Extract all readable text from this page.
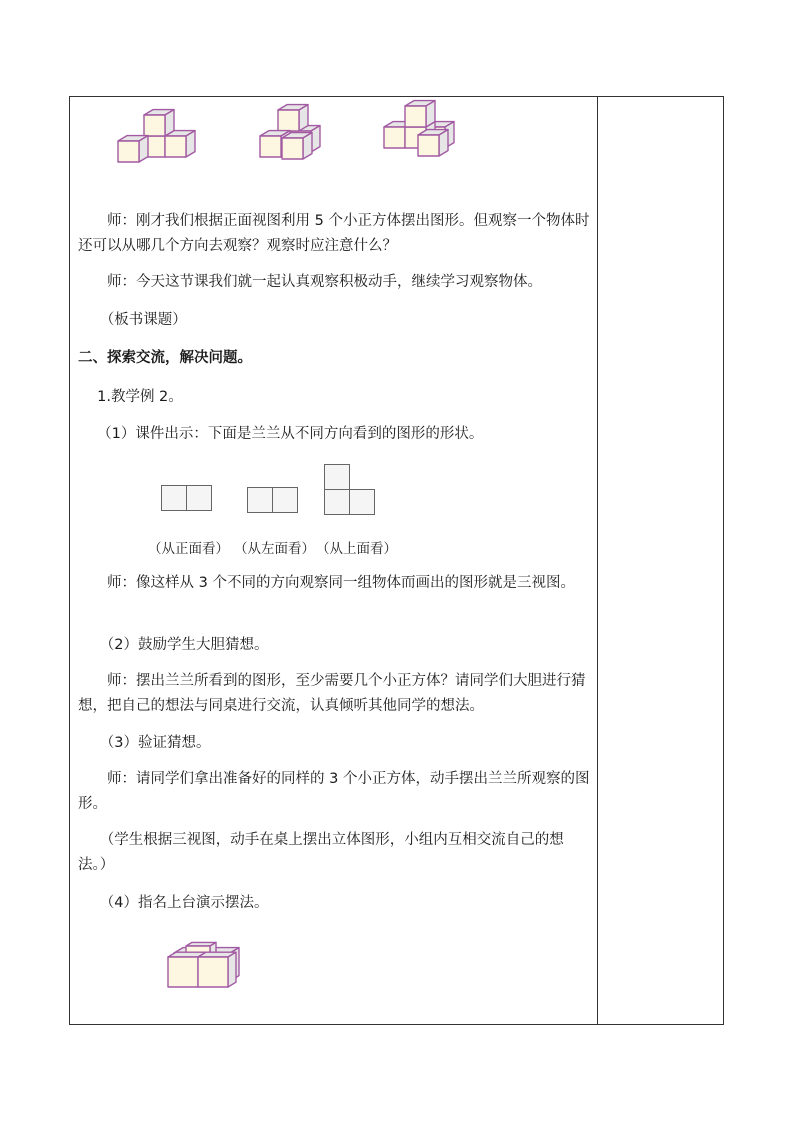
　　师：刚才我们根据正面视图利用 5 个小正方体摆出图形。但观察一个物体时还可以从哪几个方向去观察？观察时应注意什么？

　　师：今天这节课我们就一起认真观察积极动手，继续学习观察物体。

　　（板书课题）

二、探索交流，解决问题。

　 1.教学例 2。

　 （1）课件出示：下面是兰兰从不同方向看到的图形的形状。

（从正面看） （从左面看） （从上面看）

　　师：像这样从 3 个不同的方向观察同一组物体而画出的图形就是三视图。

　　（2）鼓励学生大胆猜想。

　　师：摆出兰兰所看到的图形，至少需要几个小正方体？请同学们大胆进行猜想，把自己的想法与同桌进行交流，认真倾听其他同学的想法。

　　（3）验证猜想。

　　师：请同学们拿出准备好的同样的 3 个小正方体，动手摆出兰兰所观察的图形。

　　（学生根据三视图，动手在桌上摆出立体图形，小组内互相交流自己的想法。）

　　（4）指名上台演示摆法。
